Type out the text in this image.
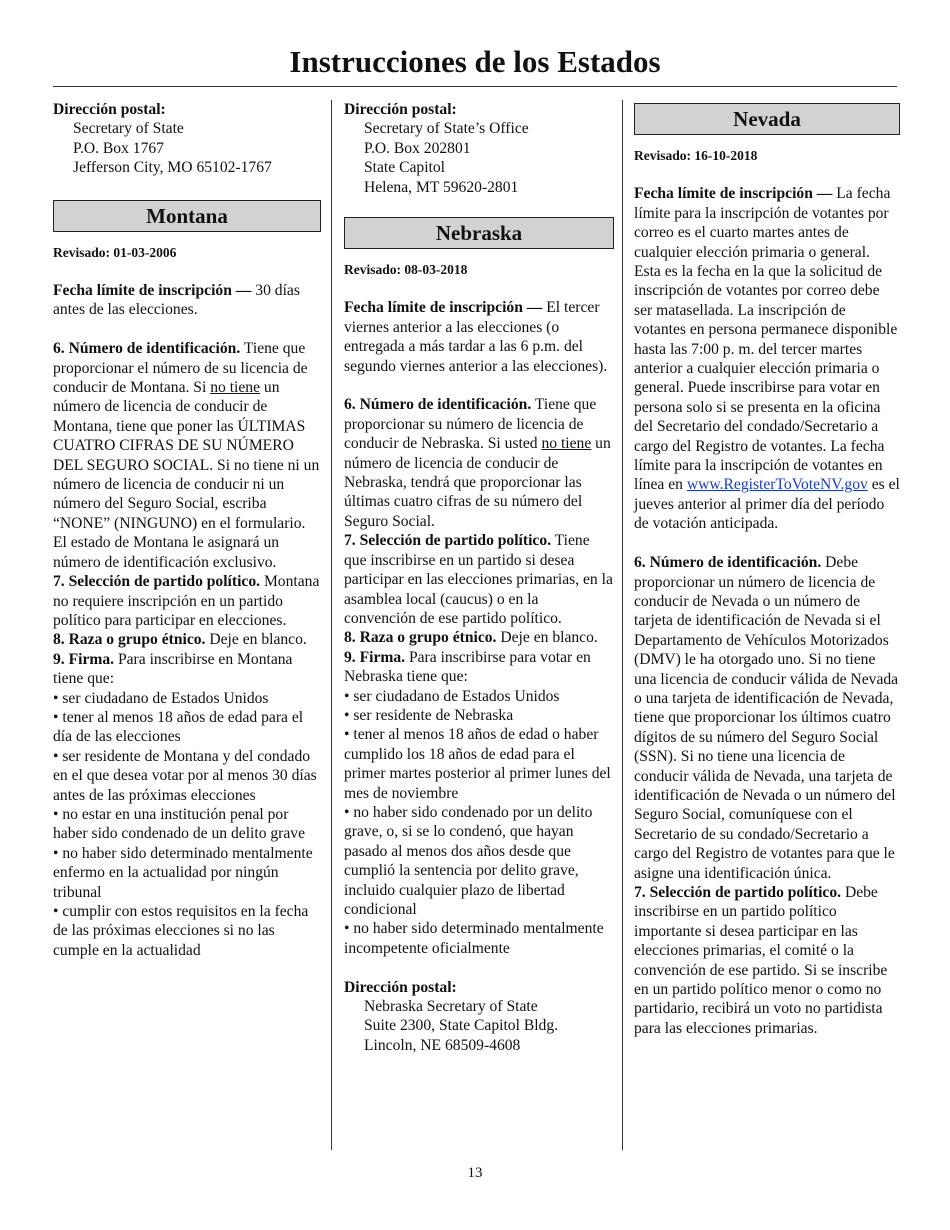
Instrucciones de los Estados

Dirección postal:

Secretary of State

P.O. Box 1767

Jefferson City, MO 65102-1767

Montana

Revisado: 01-03-2006

Fecha límite de inscripción — 30 días antes de las elecciones.

6. Número de identificación. Tiene que proporcionar el número de su licencia de conducir de Montana. Si no tiene un número de licencia de conducir de Montana, tiene que poner las ÚLTIMAS CUATRO CIFRAS DE SU NÚMERO DEL SEGURO SOCIAL. Si no tiene ni un número de licencia de conducir ni un número del Seguro Social, escriba “NONE” (NINGUNO) en el formulario. El estado de Montana le asignará un número de identificación exclusivo.

7. Selección de partido político. Montana no requiere inscripción en un partido político para participar en elecciones.

8. Raza o grupo étnico. Deje en blanco.

9. Firma. Para inscribirse en Montana tiene que:

• ser ciudadano de Estados Unidos

• tener al menos 18 años de edad para el día de las elecciones

• ser residente de Montana y del condado en el que desea votar por al menos 30 días antes de las próximas elecciones

• no estar en una institución penal por haber sido condenado de un delito grave

• no haber sido determinado mentalmente enfermo en la actualidad por ningún tribunal

• cumplir con estos requisitos en la fecha de las próximas elecciones si no las cumple en la actualidad

Dirección postal:

Secretary of State’s Office

P.O. Box 202801

State Capitol

Helena, MT 59620-2801

Nebraska

Revisado: 08-03-2018

Fecha límite de inscripción — El tercer viernes anterior a las elecciones (o entregada a más tardar a las 6 p.m. del segundo viernes anterior a las elecciones).

6. Número de identificación. Tiene que proporcionar su número de licencia de conducir de Nebraska. Si usted no tiene un número de licencia de conducir de Nebraska, tendrá que proporcionar las últimas cuatro cifras de su número del Seguro Social.

7. Selección de partido político. Tiene que inscribirse en un partido si desea participar en las elecciones primarias, en la asamblea local (caucus) o en la convención de ese partido político.

8. Raza o grupo étnico. Deje en blanco.

9. Firma. Para inscribirse para votar en Nebraska tiene que:

• ser ciudadano de Estados Unidos

• ser residente de Nebraska

• tener al menos 18 años de edad o haber cumplido los 18 años de edad para el primer martes posterior al primer lunes del mes de noviembre

• no haber sido condenado por un delito grave, o, si se lo condenó, que hayan pasado al menos dos años desde que cumplió la sentencia por delito grave, incluido cualquier plazo de libertad condicional

• no haber sido determinado mentalmente incompetente oficialmente

Dirección postal:

Nebraska Secretary of State

Suite 2300, State Capitol Bldg.

Lincoln, NE 68509-4608

Nevada

Revisado: 16-10-2018

Fecha límite de inscripción — La fecha límite para la inscripción de votantes por correo es el cuarto martes antes de cualquier elección primaria o general. Esta es la fecha en la que la solicitud de inscripción de votantes por correo debe ser matasellada. La inscripción de votantes en persona permanece disponible hasta las 7:00 p. m. del tercer martes anterior a cualquier elección primaria o general. Puede inscribirse para votar en persona solo si se presenta en la oficina del Secretario del condado/Secretario a cargo del Registro de votantes. La fecha límite para la inscripción de votantes en línea en www.RegisterToVoteNV.gov es el jueves anterior al primer día del período de votación anticipada.

6. Número de identificación. Debe proporcionar un número de licencia de conducir de Nevada o un número de tarjeta de identificación de Nevada si el Departamento de Vehículos Motorizados (DMV) le ha otorgado uno. Si no tiene una licencia de conducir válida de Nevada o una tarjeta de identificación de Nevada, tiene que proporcionar los últimos cuatro dígitos de su número del Seguro Social (SSN). Si no tiene una licencia de conducir válida de Nevada, una tarjeta de identificación de Nevada o un número del Seguro Social, comuníquese con el Secretario de su condado/Secretario a cargo del Registro de votantes para que le asigne una identificación única.

7. Selección de partido político. Debe inscribirse en un partido político importante si desea participar en las elecciones primarias, el comité o la convención de ese partido. Si se inscribe en un partido político menor o como no partidario, recibirá un voto no partidista para las elecciones primarias.

13
